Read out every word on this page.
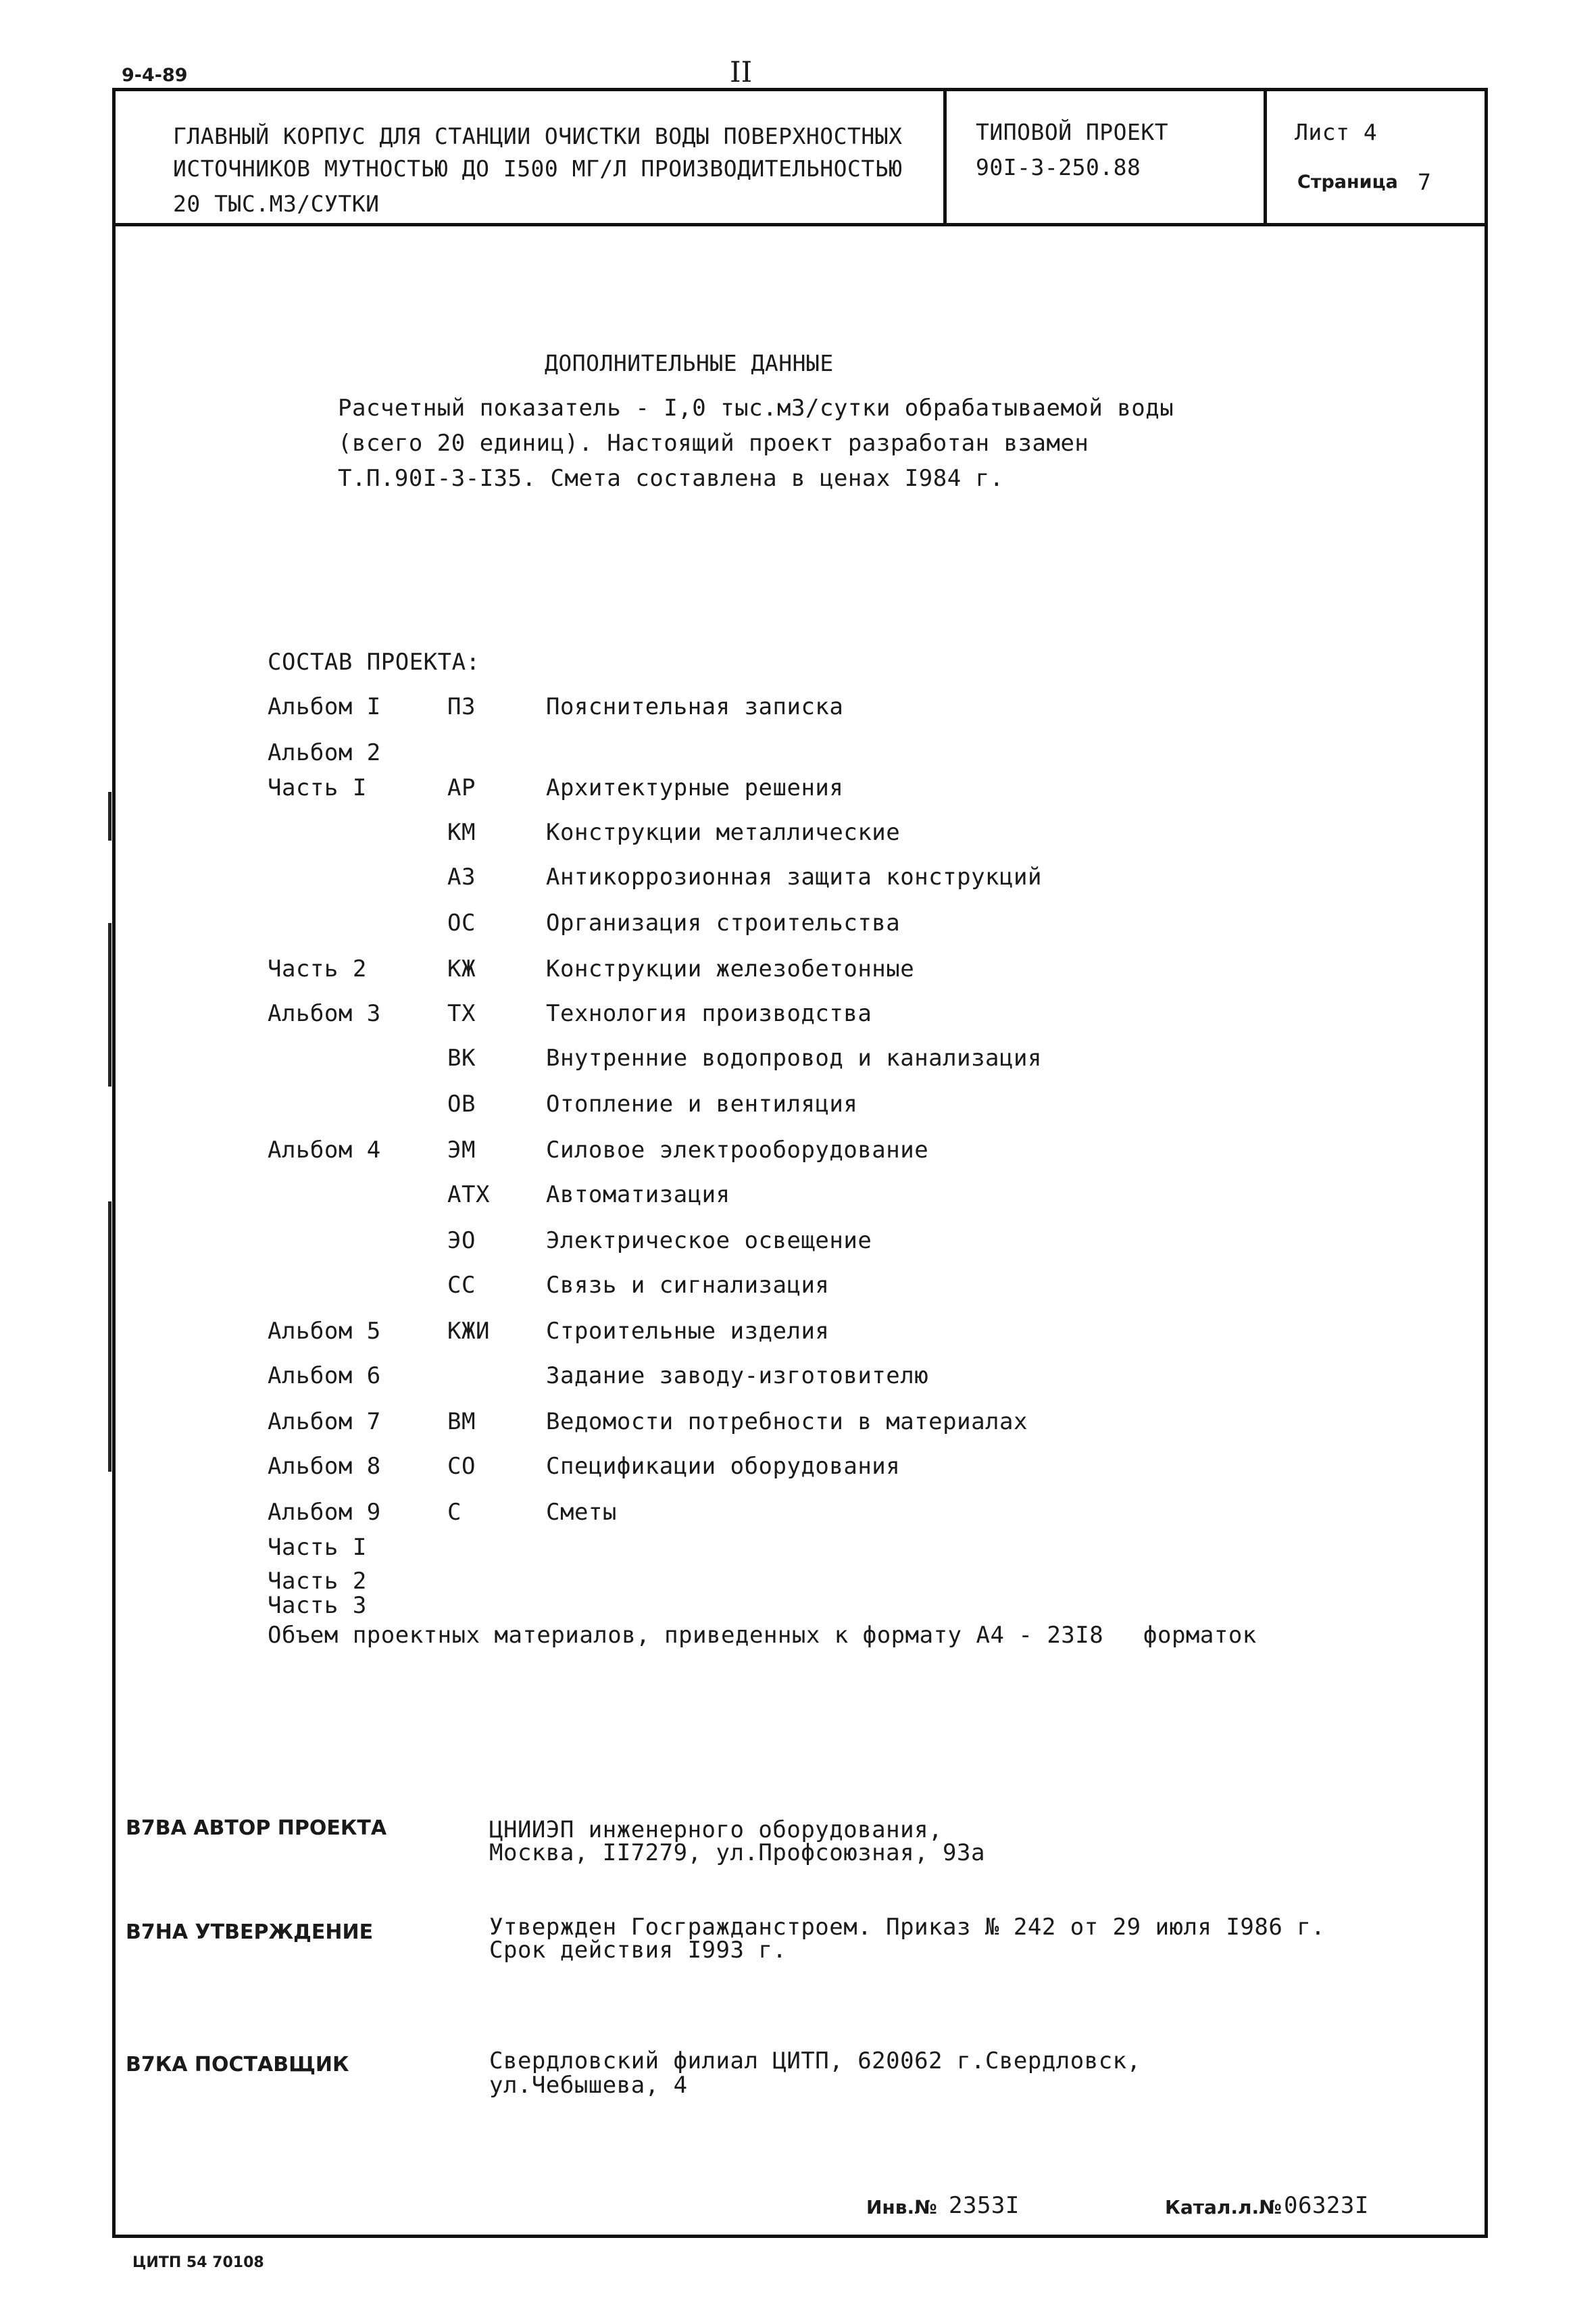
9-4-89	II
ГЛАВНЫЙ КОРПУС ДЛЯ СТАНЦИИ ОЧИСТКИ ВОДЫ ПОВЕРХНОСТНЫХ
ИСТОЧНИКОВ МУТНОСТЬЮ ДО I500 МГ/Л ПРОИЗВОДИТЕЛЬНОСТЬЮ
20 ТЫС.М3/СУТКИ
ТИПОВОЙ ПРОЕКТ
90I-3-250.88
Лист 4
Страница 7
ДОПОЛНИТЕЛЬНЫЕ ДАННЫЕ
Расчетный показатель - I,0 тыс.м3/сутки обрабатываемой воды
(всего 20 единиц). Настоящий проект разработан взамен
Т.П.90I-3-I35. Смета составлена в ценах I984 г.
СОСТАВ ПРОЕКТА:
Альбом I	ПЗ	Пояснительная записка
Альбом 2
Часть I	АР	Архитектурные решения
КМ	Конструкции металлические
АЗ	Антикоррозионная защита конструкций
ОС	Организация строительства
Часть 2	КЖ	Конструкции железобетонные
Альбом 3	ТХ	Технология производства
ВК	Внутренние водопровод и канализация
ОВ	Отопление и вентиляция
Альбом 4	ЭМ	Силовое электрооборудование
АТХ Автоматизация
ЭО	Электрическое освещение
СС	Связь и сигнализация
Альбом 5	КЖИ Строительные изделия
Альбом 6	Задание заводу-изготовителю
Альбом 7	ВМ	Ведомости потребности в материалах
Альбом 8	СО	Спецификации оборудования
Альбом 9	С	Сметы
Часть I
Часть 2
Часть 3
Объем проектных материалов, приведенных к формату А4 - 23I8 форматок
В7ВА АВТОР ПРОЕКТА	ЦНИИЭП инженерного оборудования,
Москва, II7279, ул.Профсоюзная, 93а
В7НА УТВЕРЖДЕНИЕ	Утвержден Госгражданстроем. Приказ № 242 от 29 июля I986 г.
Срок действия I993 г.
В7КА ПОСТАВЩИК	Свердловский филиал ЦИТП, 620062 г.Свердловск,
ул.Чебышева, 4
Инв.№ 2353I	Катал.л.№ 06323I
ЦИТП 54 70108
